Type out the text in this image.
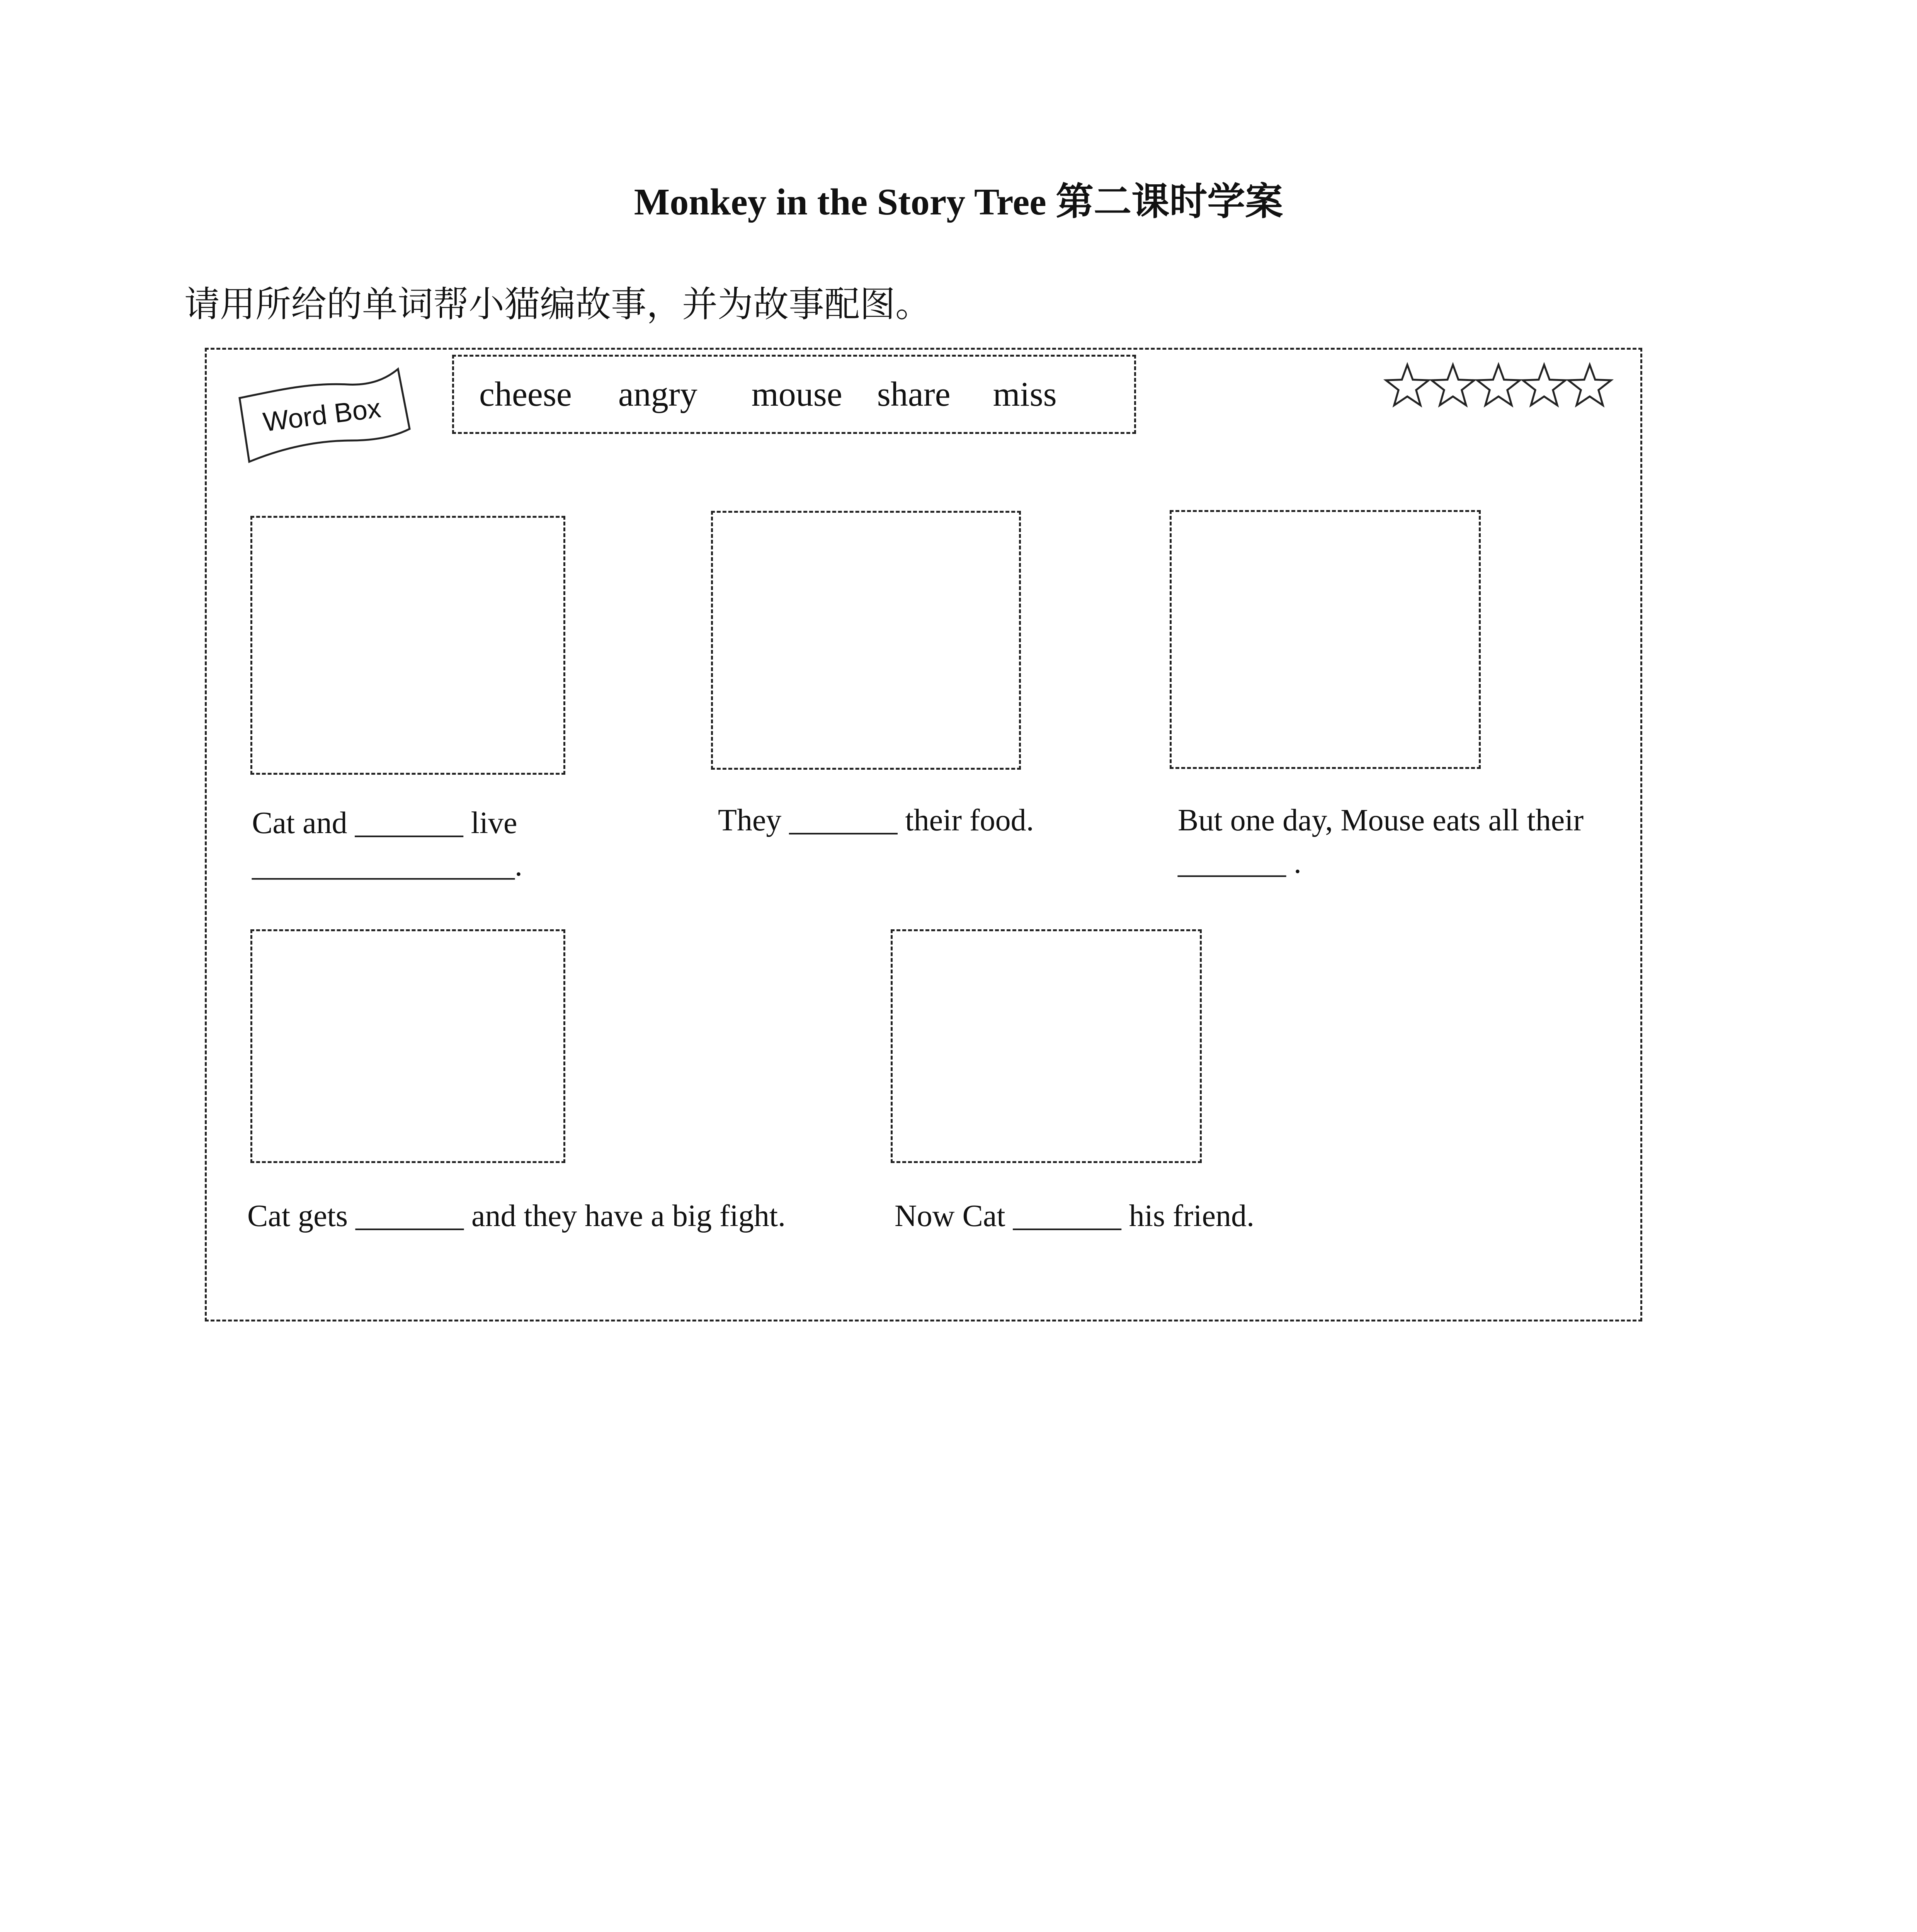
Monkey in the Story Tree 第二课时学案
请用所给的单词帮小猫编故事，并为故事配图。
Word Box	cheese angry mouse share miss
Cat and _______ live
_________________.
They _______ their food.	But one day, Mouse eats all their
_______ .
Cat gets _______ and they have a big fight.	Now Cat _______ his friend.
